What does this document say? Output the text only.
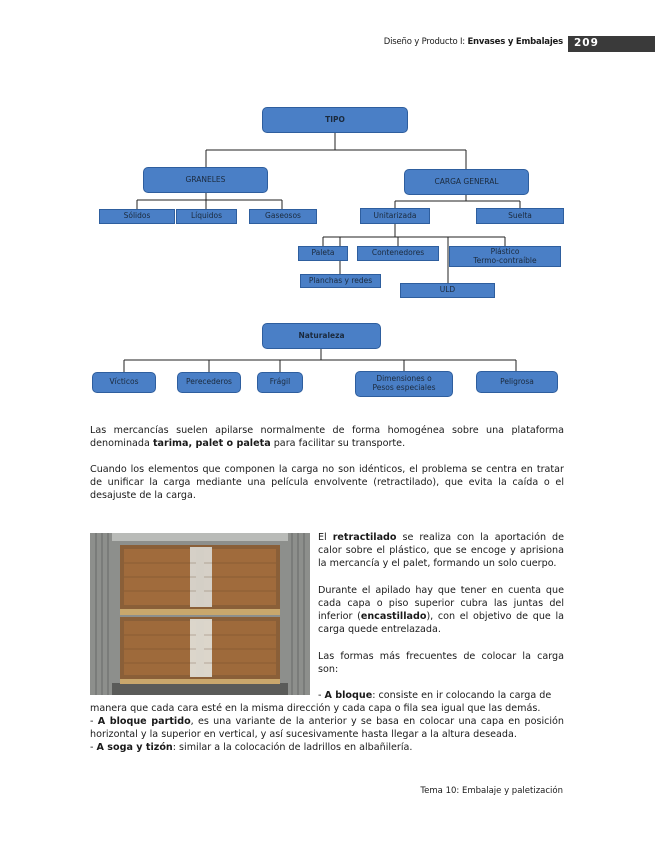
Diseño y Producto I: Envases y Embalajes 209
TIPO
GRANELES	CARGA GENERAL
Sólidos	Líquidos	Gaseosos	Unitarizada	Suelta
Paleta	Contenedores	Plástico
Termo-contraíble
Planchas y redes
ULD
Naturaleza
Vícticos	Perecederos	Frágil	Dimensiones o
Pesos especiales
Peligrosa
Las mercancías suelen apilarse normalmente de forma homogénea sobre una plataforma denominada tarima, palet o paleta para facilitar su transporte.
Cuando los elementos que componen la carga no son idénticos, el problema se centra en tratar de unificar la carga mediante una película envolvente (retractilado), que evita la caída o el desajuste de la carga.
El retractilado se realiza con la aportación de calor sobre el plástico, que se encoge y aprisiona la mercancía y el palet, formando un solo cuerpo.
Durante el apilado hay que tener en cuenta que cada capa o piso superior cubra las juntas del inferior (encastillado), con el objetivo de que la carga quede entrelazada.
Las formas más frecuentes de colocar la carga son:
- A bloque: consiste en ir colocando la carga de
manera que cada cara esté en la misma dirección y cada capa o fila sea igual que las demás.
- A bloque partido, es una variante de la anterior y se basa en colocar una capa en posición horizontal y la superior en vertical, y así sucesivamente hasta llegar a la altura deseada.
- A soga y tizón: similar a la colocación de ladrillos en albañilería.
Tema 10: Embalaje y paletización
